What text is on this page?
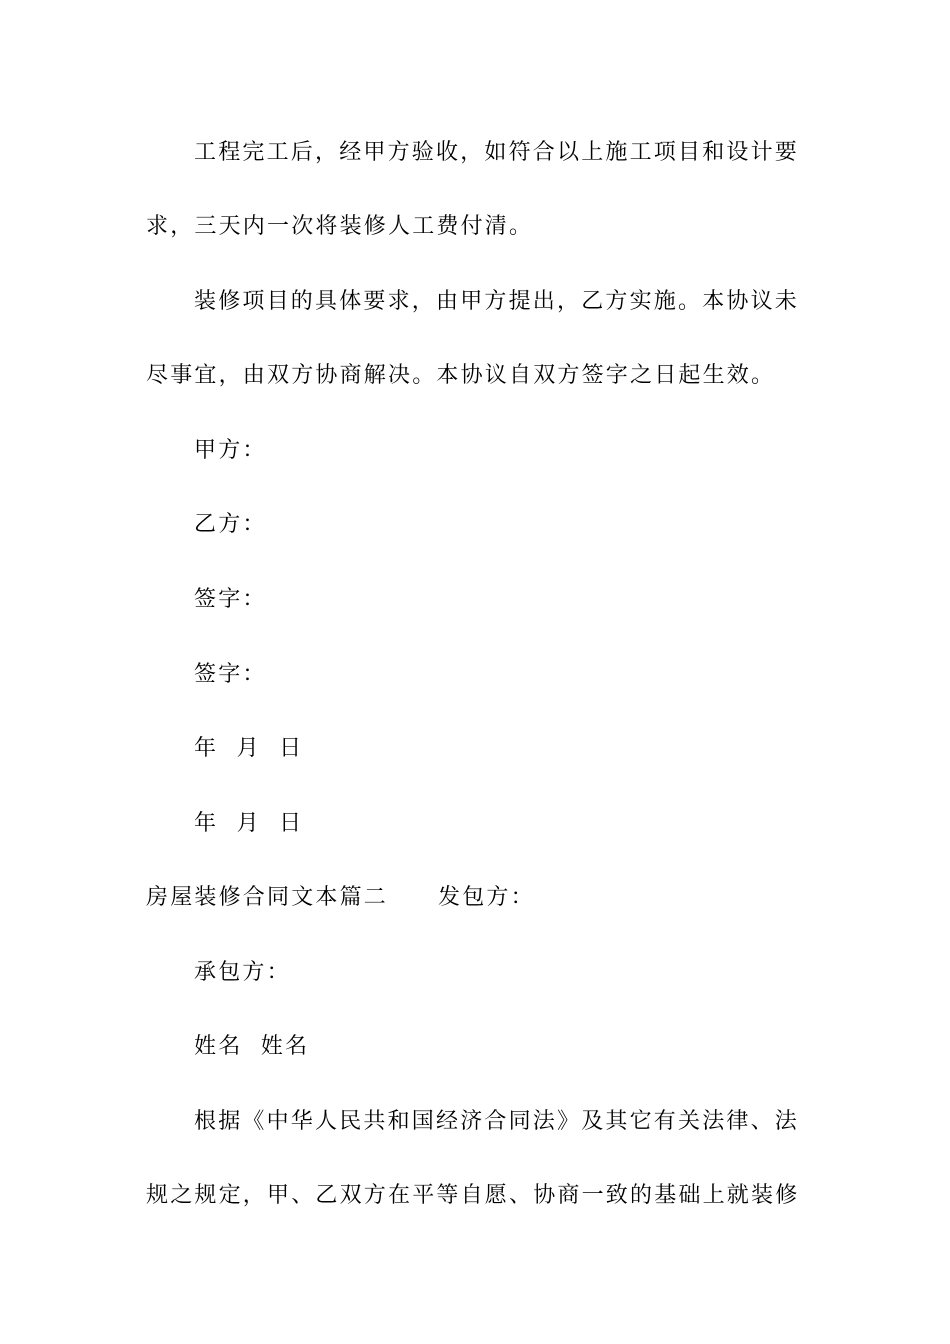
工程完工后，经甲方验收，如符合以上施工项目和设计要
求，三天内一次将装修人工费付清。
装修项目的具体要求，由甲方提出，乙方实施。本协议未
尽事宜，由双方协商解决。本协议自双方签字之日起生效。
甲方：
乙方：
签字：
签字：
年  月  日
年  月  日
房屋装修合同文本篇二 发包方：
承包方：
姓名  姓名
根据《中华人民共和国经济合同法》及其它有关法律、法
规之规定，甲、乙双方在平等自愿、协商一致的基础上就装修
